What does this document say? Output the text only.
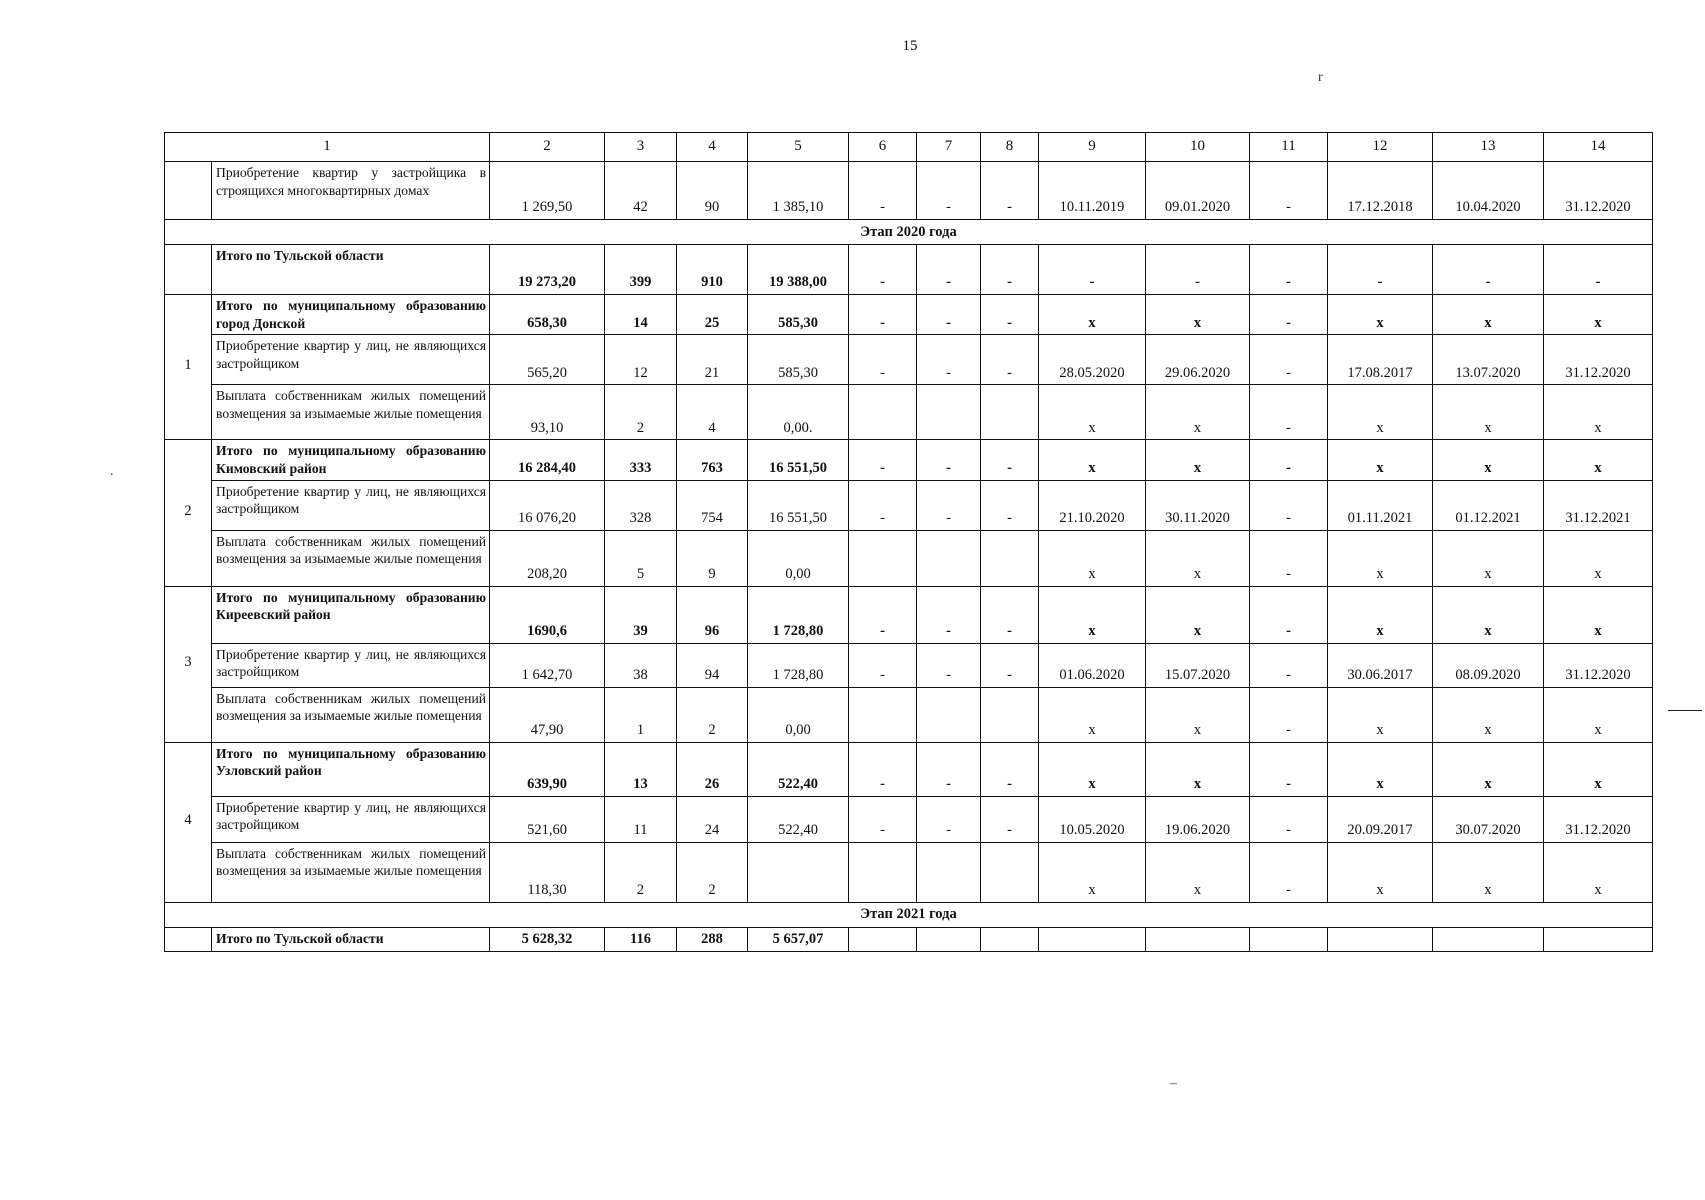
15
r
.
–
1		2	3	4	5	6	7	8	9	10	11	12	13	14
	Приобретение квартир у застройщика в строящихся многоквартирных домах	1 269,50	42	90	1 385,10	-	-	-	10.11.2019	09.01.2020	-	17.12.2018	10.04.2020	31.12.2020
Этап 2020 года														
	Итого по Тульской области	19 273,20	399	910	19 388,00	-	-	-	-	-	-	-	-	-
1	Итого по муниципальному образованию город Донской	658,30	14	25	585,30	-	-	-	x	x	-	x	x	x
	Приобретение квартир у лиц, не являющихся застройщиком	565,20	12	21	585,30	-	-	-	28.05.2020	29.06.2020	-	17.08.2017	13.07.2020	31.12.2020
	Выплата собственникам жилых помещений возмещения за изымаемые жилые помещения	93,10	2	4	0,00.				x	x	-	x	x	x
2	Итого по муниципальному образованию Кимовский район	16 284,40	333	763	16 551,50	-	-	-	x	x	-	x	x	x
	Приобретение квартир у лиц, не являющихся застройщиком	16 076,20	328	754	16 551,50	-	-	-	21.10.2020	30.11.2020	-	01.11.2021	01.12.2021	31.12.2021
	Выплата собственникам жилых помещений возмещения за изымаемые жилые помещения	208,20	5	9	0,00				x	x	-	x	x	x
3	Итого по муниципальному образованию Киреевский район	1690,6	39	96	1 728,80	-	-	-	x	x	-	x	x	x
	Приобретение квартир у лиц, не являющихся застройщиком	1 642,70	38	94	1 728,80	-	-	-	01.06.2020	15.07.2020	-	30.06.2017	08.09.2020	31.12.2020
	Выплата собственникам жилых помещений возмещения за изымаемые жилые помещения	47,90	1	2	0,00				x	x	-	x	x	x
4	Итого по муниципальному образованию Узловский район	639,90	13	26	522,40	-	-	-	x	x	-	x	x	x
	Приобретение квартир у лиц, не являющихся застройщиком	521,60	11	24	522,40	-	-	-	10.05.2020	19.06.2020	-	20.09.2017	30.07.2020	31.12.2020
	Выплата собственникам жилых помещений возмещения за изымаемые жилые помещения	118,30	2	2					x	x	-	x	x	x
Этап 2021 года														
	Итого по Тульской области	5 628,32	116	288	5 657,07									
